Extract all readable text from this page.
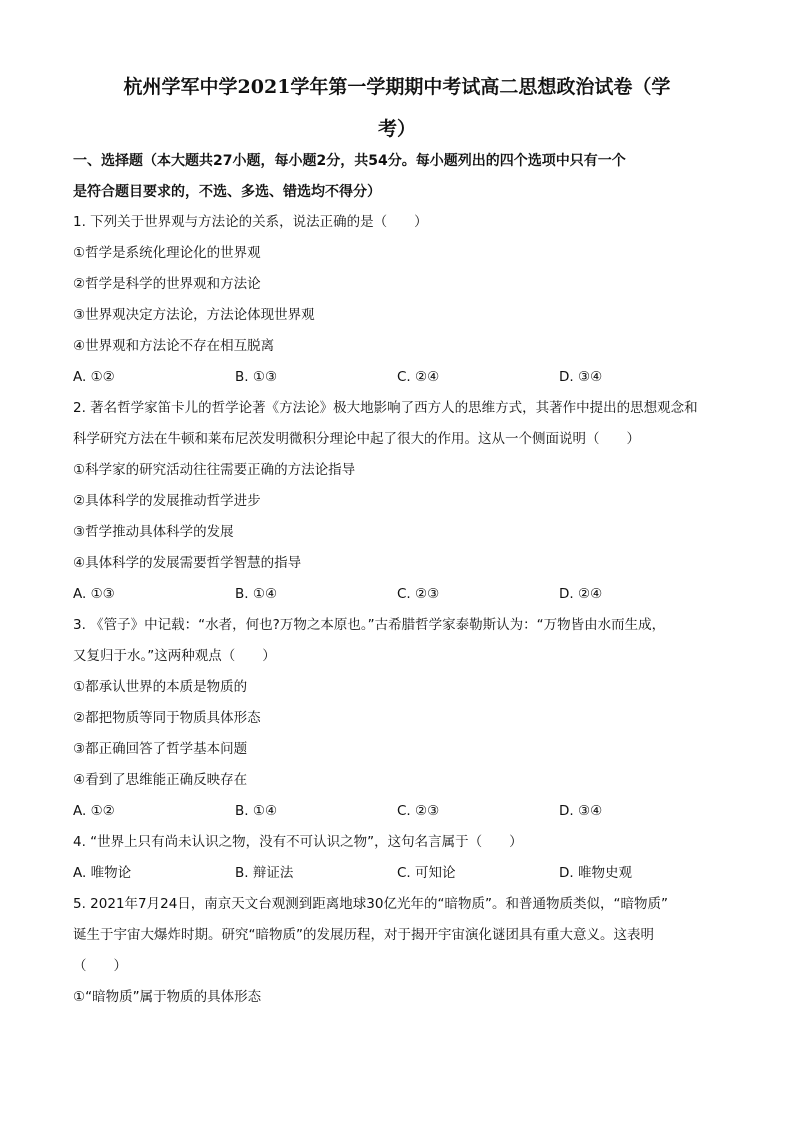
杭州学军中学2021学年第一学期期中考试高二思想政治试卷（学
考）
一、选择题（本大题共27小题，每小题2分，共54分。每小题列出的四个选项中只有一个
是符合题目要求的，不选、多选、错选均不得分）
1. 下列关于世界观与方法论的关系，说法正确的是（　　）
①哲学是系统化理论化的世界观
②哲学是科学的世界观和方法论
③世界观决定方法论，方法论体现世界观
④世界观和方法论不存在相互脱离
A. ①②	B. ①③	C. ②④	D. ③④
2. 著名哲学家笛卡儿的哲学论著《方法论》极大地影响了西方人的思维方式，其著作中提出的思想观念和
科学研究方法在牛顿和莱布尼茨发明微积分理论中起了很大的作用。这从一个侧面说明（　　）
①科学家的研究活动往往需要正确的方法论指导
②具体科学的发展推动哲学进步
③哲学推动具体科学的发展
④具体科学的发展需要哲学智慧的指导
A. ①③	B. ①④	C. ②③	D. ②④
3. 《管子》中记载：“水者，何也?万物之本原也。”古希腊哲学家泰勒斯认为：“万物皆由水而生成，
又复归于水。”这两种观点（　　）
①都承认世界的本质是物质的
②都把物质等同于物质具体形态
③都正确回答了哲学基本问题
④看到了思维能正确反映存在
A. ①②	B. ①④	C. ②③	D. ③④
4. “世界上只有尚未认识之物，没有不可认识之物”，这句名言属于（　　）
A. 唯物论	B. 辩证法	C. 可知论	D. 唯物史观
5. 2021年7月24日，南京天文台观测到距离地球30亿光年的“暗物质”。和普通物质类似，“暗物质”
诞生于宇宙大爆炸时期。研究“暗物质”的发展历程，对于揭开宇宙演化谜团具有重大意义。这表明
（　　）
①“暗物质”属于物质的具体形态
